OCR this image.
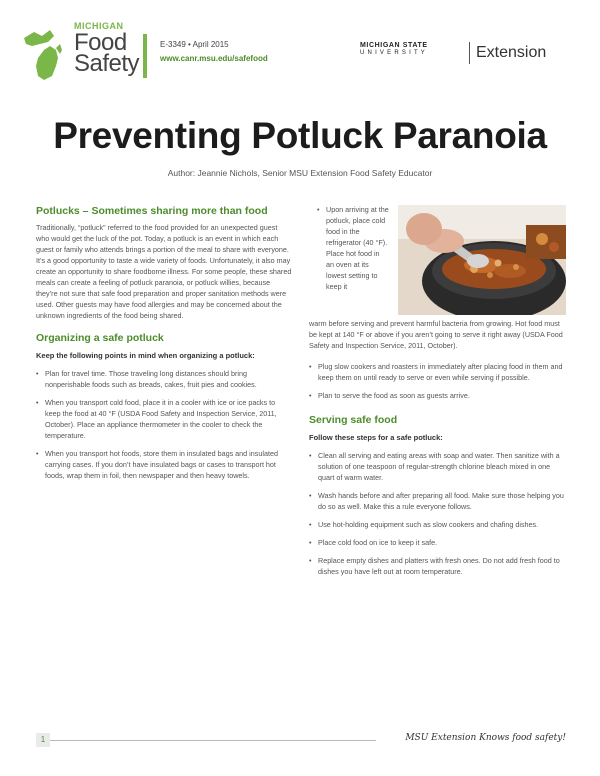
MICHIGAN
Food
Safety
E-3349 • April 2015
www.canr.msu.edu/safefood
MICHIGAN STATE
UNIVERSITY	Extension
Preventing Potluck Paranoia
Author: Jeannie Nichols, Senior MSU Extension Food Safety Educator
Potlucks – Sometimes sharing more than food

Traditionally, “potluck” referred to the food provided for an unexpected guest who would get the luck of the pot. Today, a potluck is an event in which each guest or family who attends brings a portion of the meal to share with everyone. It’s a good opportunity to taste a wide variety of foods. Unfortunately, it also may create an opportunity to share foodborne illness. For some people, these shared meals can create a feeling of potluck paranoia, or potluck willies, because they’re not sure that safe food preparation and proper sanitation methods were used. Other guests may have food allergies and may be concerned about the unknown ingredients of the food being shared.

Organizing a safe potluck
Keep the following points in mind when organizing a potluck:
• Plan for travel time. Those traveling long distances should bring nonperishable foods such as breads, cakes, fruit pies and cookies.
• When you transport cold food, place it in a cooler with ice or ice packs to keep the food at 40 °F (USDA Food Safety and Inspection Service, 2011, October). Place an appliance thermometer in the cooler to check the temperature.
• When you transport hot foods, store them in insulated bags and insulated carrying cases. If you don’t have insulated bags or cases to transport hot foods, wrap them in foil, then newspaper and then heavy towels.
• Upon arriving at the potluck, place cold food in the refrigerator (40 °F). Place hot food in an oven at its lowest setting to keep it

warm before serving and prevent harmful bacteria from growing. Hot food must be kept at 140 °F or above if you aren’t going to serve it right away (USDA Food Safety and Inspection Service, 2011, October).

• Plug slow cookers and roasters in immediately after placing food in them and keep them on until ready to serve or even while serving if possible.
• Plan to serve the food as soon as guests arrive.
Serving safe food
Follow these steps for a safe potluck:
• Clean all serving and eating areas with soap and water. Then sanitize with a solution of one teaspoon of regular-strength chlorine bleach mixed in one quart of warm water.
• Wash hands before and after preparing all food. Make sure those helping you do so as well. Make this a rule everyone follows.
• Use hot-holding equipment such as slow cookers and chafing dishes.
• Place cold food on ice to keep it safe.
• Replace empty dishes and platters with fresh ones. Do not add fresh food to dishes you have left out at room temperature.
1	MSU Extension Knows food safety!
